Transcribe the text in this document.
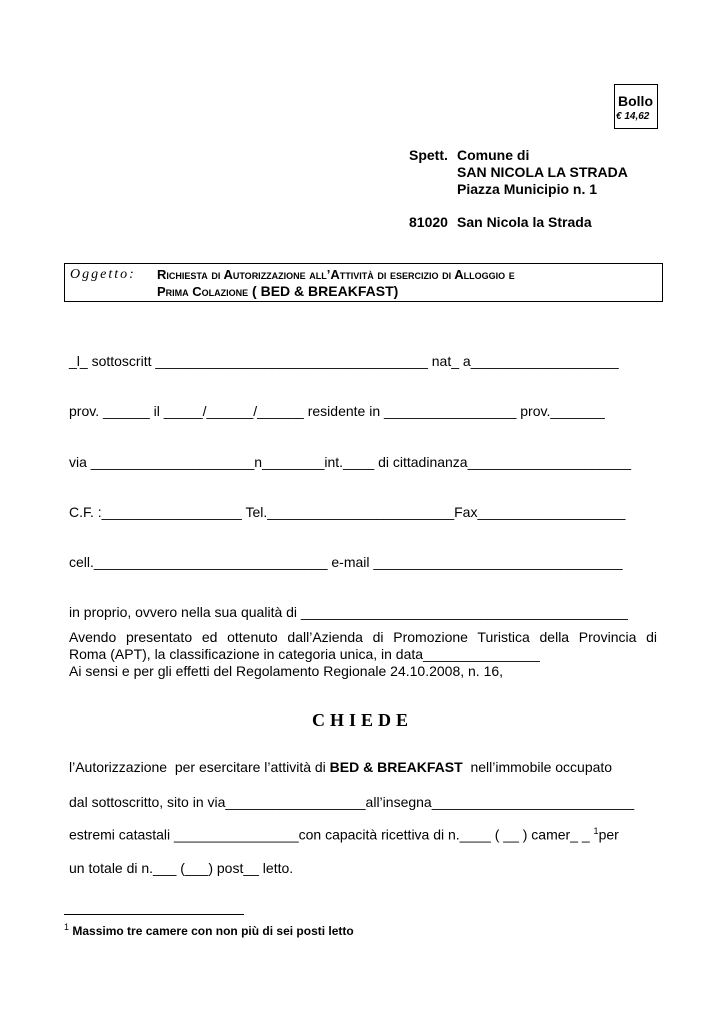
Bollo
€ 14,62
Spett. Comune di
SAN NICOLA LA STRADA
Piazza Municipio n. 1
81020 San Nicola la Strada
Oggetto: Richiesta di Autorizzazione all’Attività di esercizio di Alloggio e
Prima Colazione ( BED & BREAKFAST)
_l_ sottoscritt ___________________________________ nat_ a___________________
prov. ______ il _____/______/______ residente in _________________ prov._______
via _____________________n________int.____ di cittadinanza_____________________
C.F. :__________________ Tel.________________________Fax___________________
cell.______________________________ e-mail ________________________________
in proprio, ovvero nella sua qualità di __________________________________________
Avendo presentato ed ottenuto dall’Azienda di Promozione Turistica della Provincia di
Roma (APT), la classificazione in categoria unica, in data_______________
Ai sensi e per gli effetti del Regolamento Regionale 24.10.2008, n. 16,
CHIEDE
l’Autorizzazione  per esercitare l’attività di BED & BREAKFAST  nell’immobile occupato
dal sottoscritto, sito in via__________________all’insegna__________________________
estremi catastali ________________con capacità ricettiva di n.____ ( __ ) camer_ _ $^1$per
un totale di n.___ (___) post__ letto.
$^1$ Massimo tre camere con non più di sei posti letto
